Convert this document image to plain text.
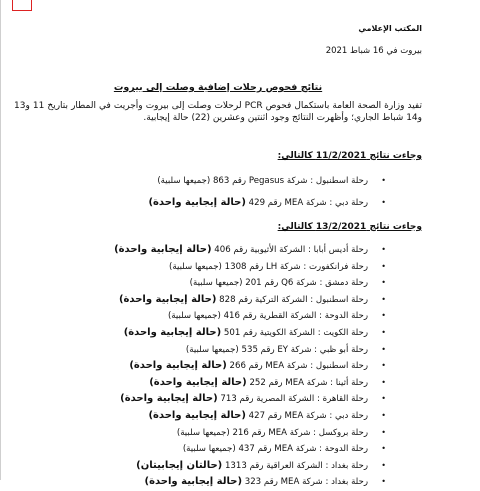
المكتب الإعلامي
بيروت في 16 شباط 2021
نتائج فحوص رحلات إضافية وصلت إلى بيروت
تفيد وزارة الصحة العامة باستكمال فحوص PCR لرحلات وصلت إلى بيروت وأجريت في المطار بتاريخ 11 و13 و14 شباط الجاري؛ وأظهرت النتائج وجود اثنتين وعشرين (22) حالة إيجابية.
وجاءت نتائج 11/2/2021 كالتالي:
•
رحلة اسطنبول : شركة Pegasus رقم 863 (جميعها سلبية)
•
رحلة دبي : شركة MEA رقم 429 (حالة إيجابية واحدة)
وجاءت نتائج 13/2/2021 كالتالي:
•
رحلة أديس أبابا : الشركة الأثيوبية رقم 406 (حالة إيجابية واحدة)
•
رحلة فرانكفورت : شركة LH رقم 1308 (جميعها سلبية)
•
رحلة دمشق : شركة Q6 رقم 201 (جميعها سلبية)
•
رحلة اسطنبول : الشركة التركية رقم 828 (حالة إيجابية واحدة)
•
رحلة الدوحة : الشركة القطرية رقم 416 (جميعها سلبية)
•
رحلة الكويت : الشركة الكويتية رقم 501 (حالة إيجابية واحدة)
•
رحلة أبو ظبي : شركة EY رقم 535 (جميعها سلبية)
•
رحلة اسطنبول : شركة MEA رقم 266 (حالة إيجابية واحدة)
•
رحلة أثينا : شركة MEA رقم 252 (حالة إيجابية واحدة)
•
رحلة القاهرة : الشركة المصرية رقم 713 (حالة إيجابية واحدة)
•
رحلة دبي : شركة MEA رقم 427 (حالة إيجابية واحدة)
•
رحلة بروكسل : شركة MEA رقم 216 (جميعها سلبية)
•
رحلة الدوحة : شركة MEA رقم 437 (جميعها سلبية)
•
رحلة بغداد : الشركة العراقية رقم 1313 (حالتان إيجابيتان)
•
رحلة بغداد : شركة MEA رقم 323 (حالة إيجابية واحدة)
